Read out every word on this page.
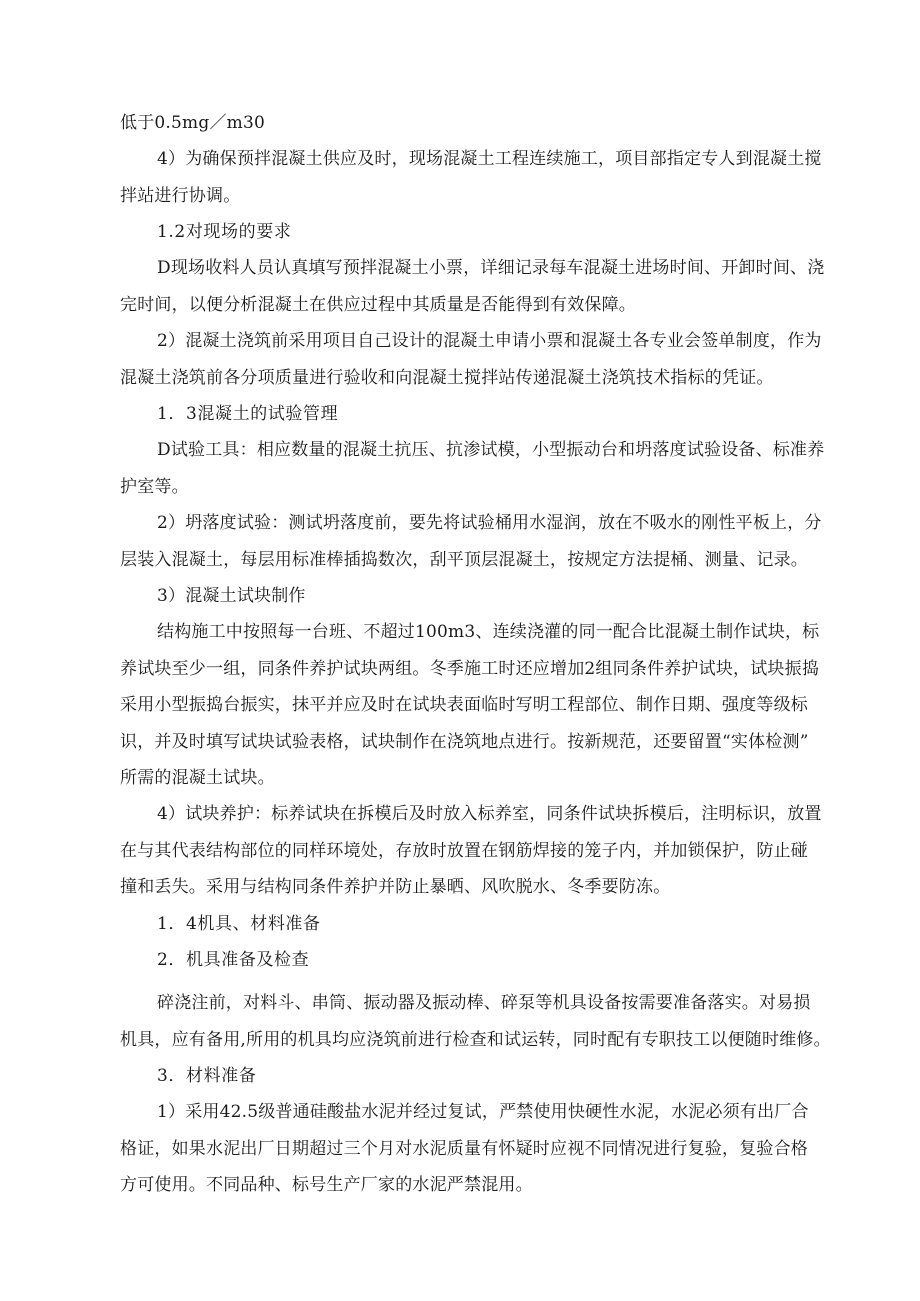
低于0.5mg／m30
4）为确保预拌混凝土供应及时，现场混凝土工程连续施工，项目部指定专人到混凝土搅
拌站进行协调。
1.2对现场的要求
D现场收料人员认真填写预拌混凝土小票，详细记录每车混凝土进场时间、开卸时间、浇
完时间，以便分析混凝土在供应过程中其质量是否能得到有效保障。
2）混凝土浇筑前采用项目自己设计的混凝土申请小票和混凝土各专业会签单制度，作为
混凝土浇筑前各分项质量进行验收和向混凝土搅拌站传递混凝土浇筑技术指标的凭证。
1．3混凝土的试验管理
D试验工具：相应数量的混凝土抗压、抗渗试模，小型振动台和坍落度试验设备、标准养
护室等。
2）坍落度试验：测试坍落度前，要先将试验桶用水湿润，放在不吸水的刚性平板上，分
层装入混凝土，每层用标准棒插捣数次，刮平顶层混凝土，按规定方法提桶、测量、记录。
3）混凝土试块制作
结构施工中按照每一台班、不超过100m3、连续浇灌的同一配合比混凝土制作试块，标
养试块至少一组，同条件养护试块两组。冬季施工时还应增加2组同条件养护试块，试块振捣
采用小型振捣台振实，抹平并应及时在试块表面临时写明工程部位、制作日期、强度等级标
识，并及时填写试块试验表格，试块制作在浇筑地点进行。按新规范，还要留置“实体检测”
所需的混凝土试块。
4）试块养护：标养试块在拆模后及时放入标养室，同条件试块拆模后，注明标识，放置
在与其代表结构部位的同样环境处，存放时放置在钢筋焊接的笼子内，并加锁保护，防止碰
撞和丢失。采用与结构同条件养护并防止暴晒、风吹脱水、冬季要防冻。
1．4机具、材料准备
2．机具准备及检查
碎浇注前，对料斗、串筒、振动器及振动棒、碎泵等机具设备按需要准备落实。对易损
机具，应有备用,所用的机具均应浇筑前进行检查和试运转，同时配有专职技工以便随时维修。
3．材料准备
1）采用42.5级普通硅酸盐水泥并经过复试，严禁使用快硬性水泥，水泥必须有出厂合
格证，如果水泥出厂日期超过三个月对水泥质量有怀疑时应视不同情况进行复验，复验合格
方可使用。不同品种、标号生产厂家的水泥严禁混用。
